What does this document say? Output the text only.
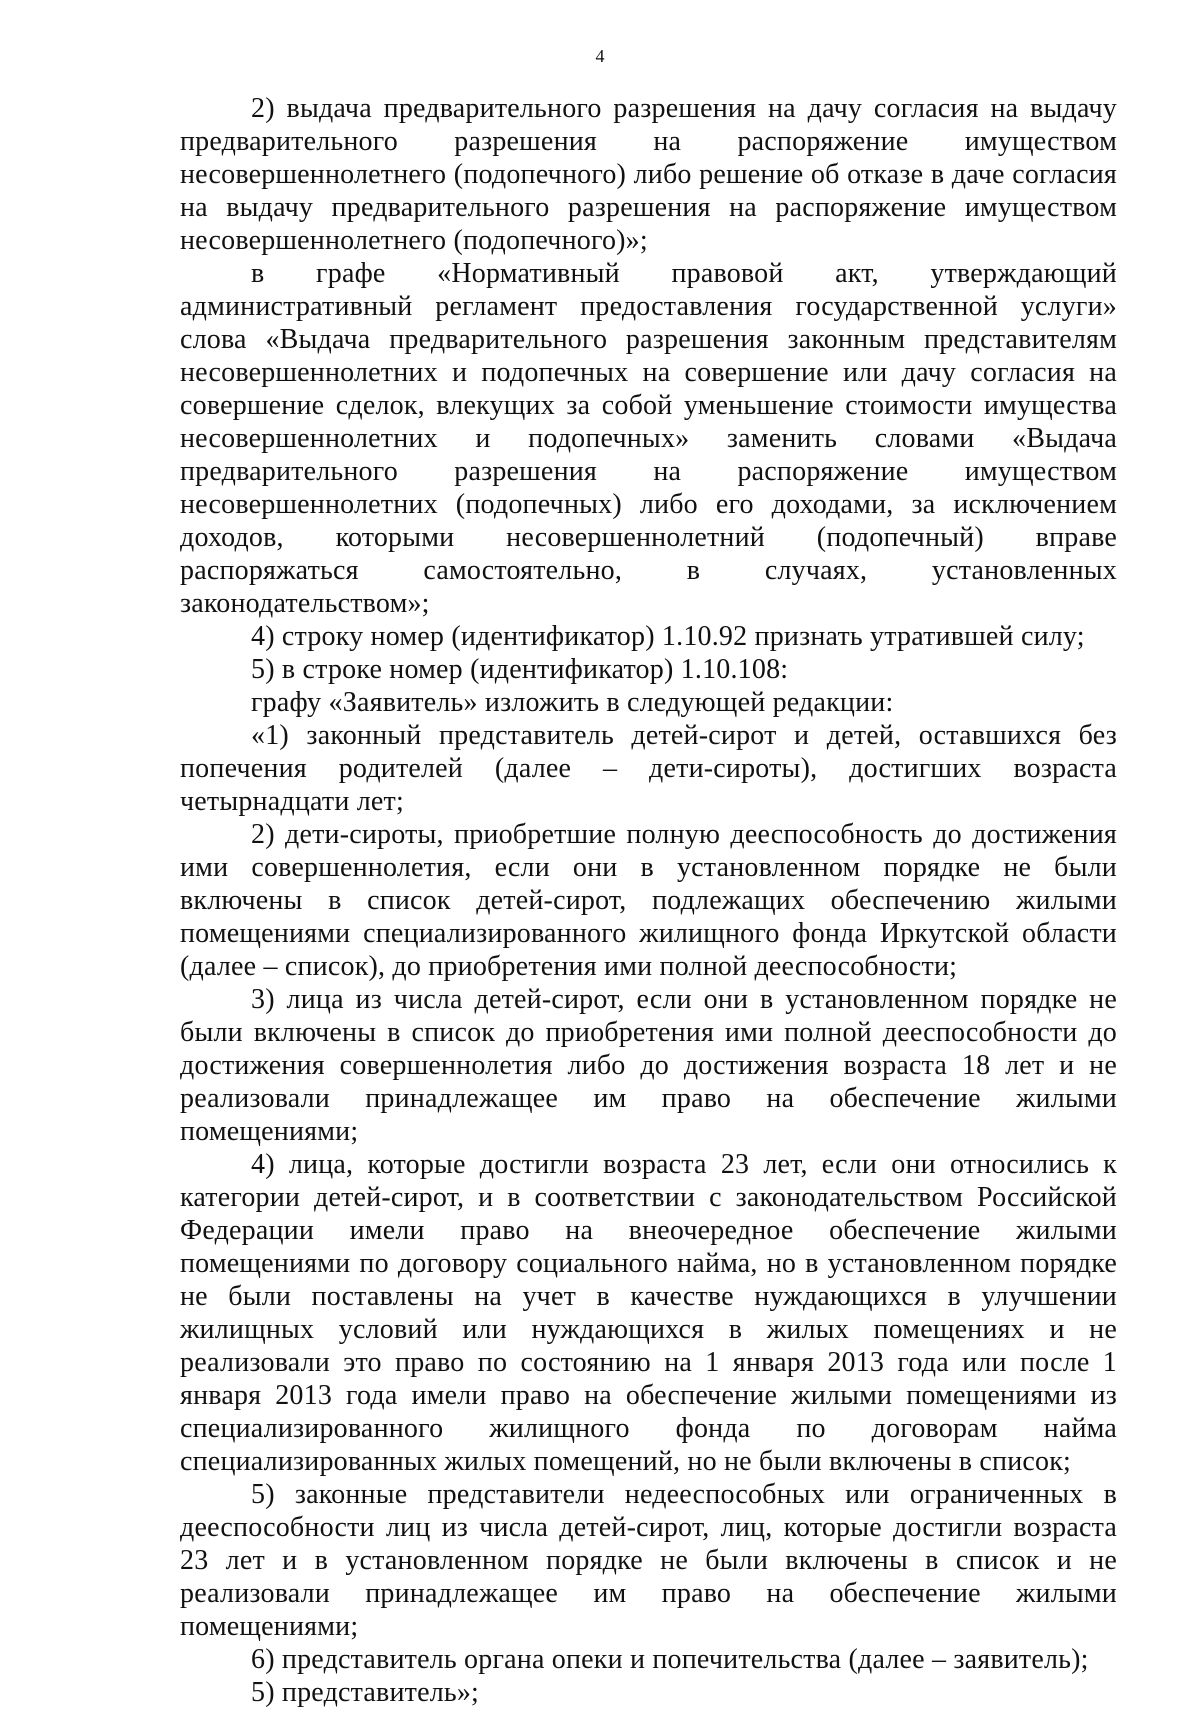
4

2) выдача предварительного разрешения на дачу согласия на выдачу предварительного разрешения на распоряжение имуществом несовершеннолетнего (подопечного) либо решение об отказе в даче согласия на выдачу предварительного разрешения на распоряжение имуществом несовершеннолетнего (подопечного)»;

в графе «Нормативный правовой акт, утверждающий административный регламент предоставления государственной услуги» слова «Выдача предварительного разрешения законным представителям несовершеннолетних и подопечных на совершение или дачу согласия на совершение сделок, влекущих за собой уменьшение стоимости имущества несовершеннолетних и подопечных» заменить словами «Выдача предварительного разрешения на распоряжение имуществом несовершеннолетних (подопечных) либо его доходами, за исключением доходов, которыми несовершеннолетний (подопечный) вправе распоряжаться самостоятельно, в случаях, установленных законодательством»;

4) строку номер (идентификатор) 1.10.92 признать утратившей силу;

5) в строке номер (идентификатор) 1.10.108:

графу «Заявитель» изложить в следующей редакции:

«1) законный представитель детей-сирот и детей, оставшихся без попечения родителей (далее – дети-сироты), достигших возраста четырнадцати лет;

2) дети-сироты, приобретшие полную дееспособность до достижения ими совершеннолетия, если они в установленном порядке не были включены в список детей-сирот, подлежащих обеспечению жилыми помещениями специализированного жилищного фонда Иркутской области (далее – список), до приобретения ими полной дееспособности;

3) лица из числа детей-сирот, если они в установленном порядке не были включены в список до приобретения ими полной дееспособности до достижения совершеннолетия либо до достижения возраста 18 лет и не реализовали принадлежащее им право на обеспечение жилыми помещениями;

4) лица, которые достигли возраста 23 лет, если они относились к категории детей-сирот, и в соответствии с законодательством Российской Федерации имели право на внеочередное обеспечение жилыми помещениями по договору социального найма, но в установленном порядке не были поставлены на учет в качестве нуждающихся в улучшении жилищных условий или нуждающихся в жилых помещениях и не реализовали это право по состоянию на 1 января 2013 года или после 1 января 2013 года имели право на обеспечение жилыми помещениями из специализированного жилищного фонда по договорам найма специализированных жилых помещений, но не были включены в список;

5) законные представители недееспособных или ограниченных в дееспособности лиц из числа детей-сирот, лиц, которые достигли возраста 23 лет и в установленном порядке не были включены в список и не реализовали принадлежащее им право на обеспечение жилыми помещениями;

6) представитель органа опеки и попечительства (далее – заявитель);

5) представитель»;
